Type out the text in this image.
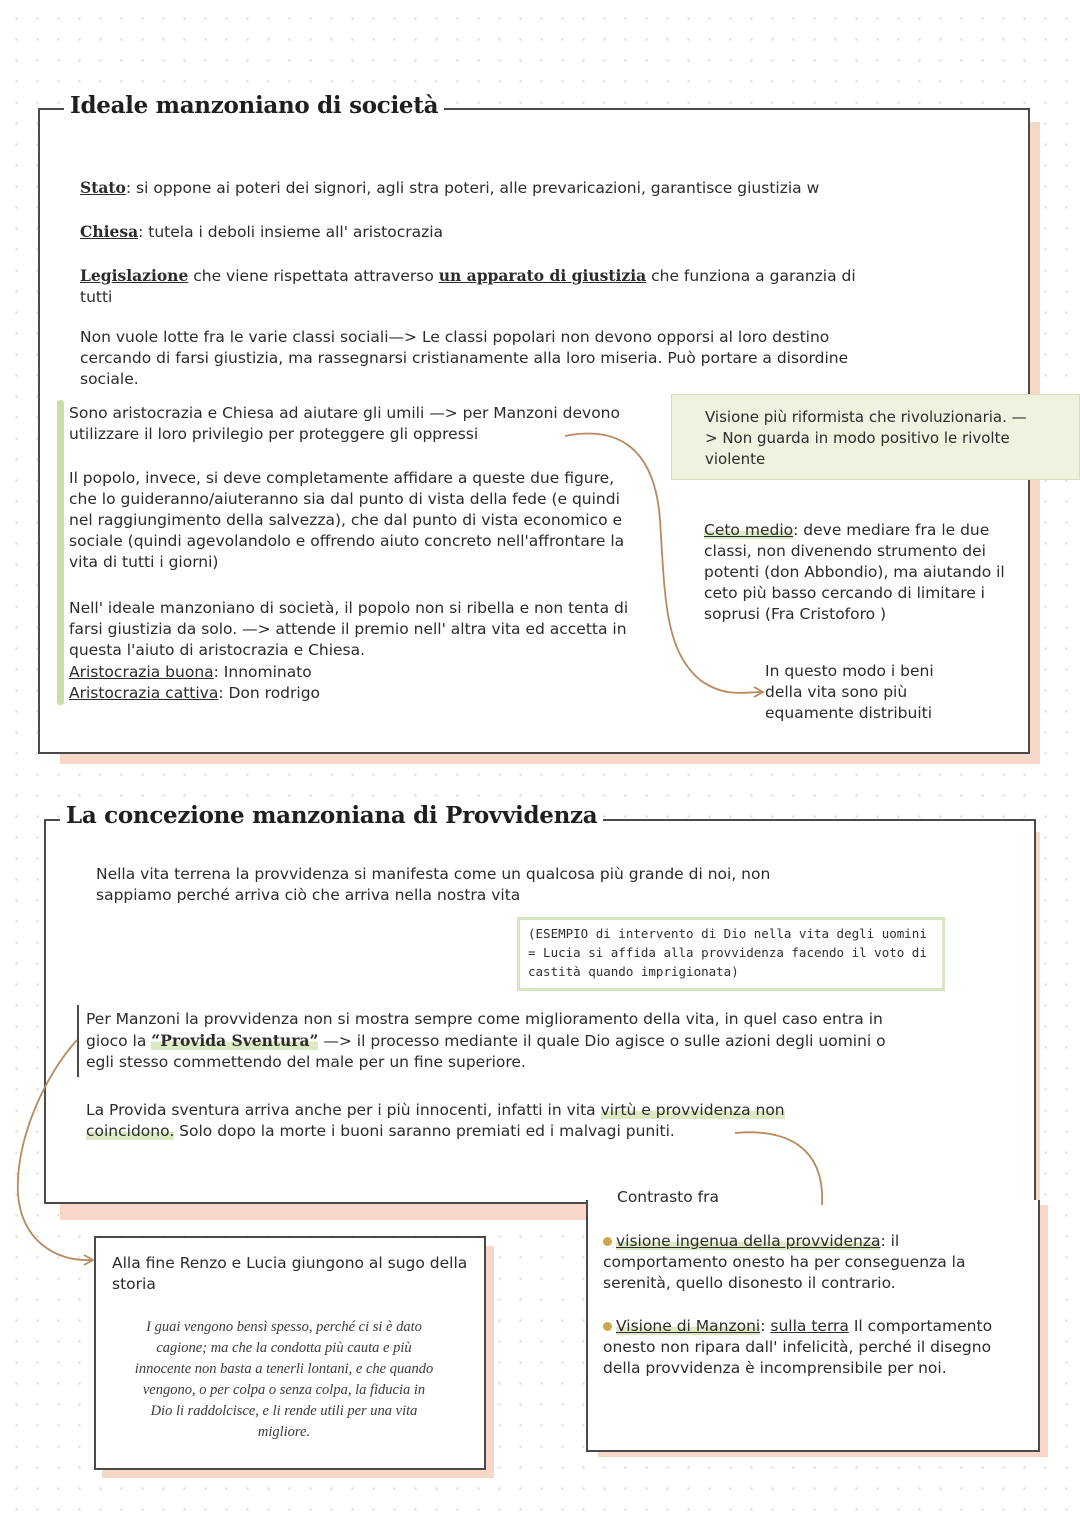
Ideale manzoniano di società
Stato: si oppone ai poteri dei signori, agli stra poteri, alle prevaricazioni, garantisce giustizia w
Chiesa: tutela i deboli insieme all' aristocrazia
Legislazione che viene rispettata attraverso un apparato di giustizia che funziona a garanzia di
tutti
Non vuole lotte fra le varie classi sociali—> Le classi popolari non devono opporsi al loro destino cercando di farsi giustizia, ma rassegnarsi cristianamente alla loro miseria. Può portare a disordine sociale.
Sono aristocrazia e Chiesa ad aiutare gli umili —> per Manzoni devono utilizzare il loro privilegio per proteggere gli oppressi
Il popolo, invece, si deve completamente affidare a queste due figure, che lo guideranno/aiuteranno sia dal punto di vista della fede (e quindi nel raggiungimento della salvezza), che dal punto di vista economico e sociale (quindi agevolandolo e offrendo aiuto concreto nell'affrontare la vita di tutti i giorni)
Nell' ideale manzoniano di società, il popolo non si ribella e non tenta di farsi giustizia da solo. —> attende il premio nell' altra vita ed accetta in questa l'aiuto di aristocrazia e Chiesa.
Aristocrazia buona: Innominato
Aristocrazia cattiva: Don rodrigo
Visione più riformista che rivoluzionaria. —> Non guarda in modo positivo le rivolte violente
Ceto medio: deve mediare fra le due classi, non divenendo strumento dei potenti (don Abbondio), ma aiutando il ceto più basso cercando di limitare i soprusi (Fra Cristoforo )
In questo modo i beni della vita sono più equamente distribuiti
La concezione manzoniana di Provvidenza
Nella vita terrena la provvidenza si manifesta come un qualcosa più grande di noi, non sappiamo perché arriva ciò che arriva nella nostra vita
(ESEMPIO di intervento di Dio nella vita degli uomini = Lucia si affida alla provvidenza facendo il voto di castità quando imprigionata)
Per Manzoni la provvidenza non si mostra sempre come miglioramento della vita, in quel caso entra in gioco la “Provida Sventura” —> il processo mediante il quale Dio agisce o sulle azioni degli uomini o egli stesso commettendo del male per un fine superiore.
La Provida sventura arriva anche per i più innocenti, infatti in vita virtù e provvidenza non coincidono. Solo dopo la morte i buoni saranno premiati ed i malvagi puniti.
Contrasto fra
visione ingenua della provvidenza: il comportamento onesto ha per conseguenza la serenità, quello disonesto il contrario.
Visione di Manzoni: sulla terra Il comportamento onesto non ripara dall' infelicità, perché il disegno della provvidenza è incomprensibile per noi.
Alla fine Renzo e Lucia giungono al sugo della storia
I guai vengono bensì spesso, perché ci si è dato cagione; ma che la condotta più cauta e più innocente non basta a tenerli lontani, e che quando vengono, o per colpa o senza colpa, la fiducia in Dio li raddolcisce, e li rende utili per una vita migliore.
